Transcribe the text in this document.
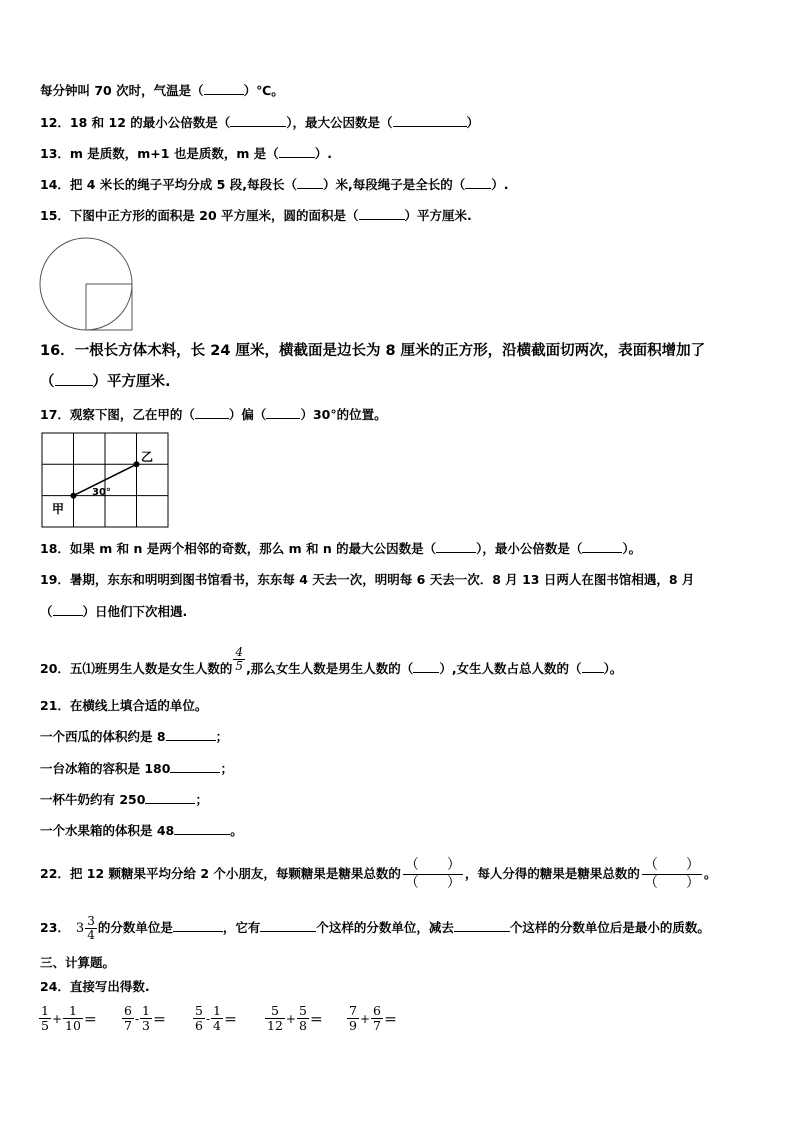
每分钟叫 70 次时，气温是（	）℃。
12．18 和 12 的最小公倍数是（	），最大公因数是（	）
13．m 是质数，m+1 也是质数，m 是（	）.
14．把 4 米长的绳子平均分成 5 段,每段长（ ）米,每段绳子是全长的（ ）.
15．下图中正方形的面积是 20 平方厘米，圆的面积是（	）平方厘米.
16．一根长方体木料，长 24 厘米，横截面是边长为 8 厘米的正方形，沿横截面切两次，表面积增加了
（	）平方厘米.
17．观察下图，乙在甲的（	）偏（	）30°的位置。
甲
乙
30°
18．如果 m 和 n 是两个相邻的奇数，那么 m 和 n 的最大公因数是（	），最小公倍数是（	）。
19．暑期，东东和明明到图书馆看书，东东每 4 天去一次，明明每 6 天去一次．8 月 13 日两人在图书馆相遇，8 月
（ ）日他们下次相遇.
20．五⑴班男生人数是女生人数的 $\frac{4}{5}$ ,那么女生人数是男生人数的（ ）,女生人数占总人数的（ ）。
21．在横线上填合适的单位。
一个西瓜的体积约是 8	；
一台冰箱的容积是 180	；
一杯牛奶约有 250	；
一个水果箱的体积是 48	。
22．把 12 颗糖果平均分给 2 个小朋友，每颗糖果是糖果总数的
（　　）
（　　）
，每人分得的糖果是糖果总数的
（　　）
（　　）
。
23． $3 \frac{3}{4}$ 的分数单位是	，它有	个这样的分数单位，减去	个这样的分数单位后是最小的质数。
三、计算题。
24．直接写出得数.
$\frac{1}{5} + \frac{1}{10} = \frac{6}{7} - \frac{1}{3} = \frac{5}{6} - \frac{1}{4} = \frac{5}{12} + \frac{5}{8} = \frac{7}{9} + \frac{6}{7}$ ＝
